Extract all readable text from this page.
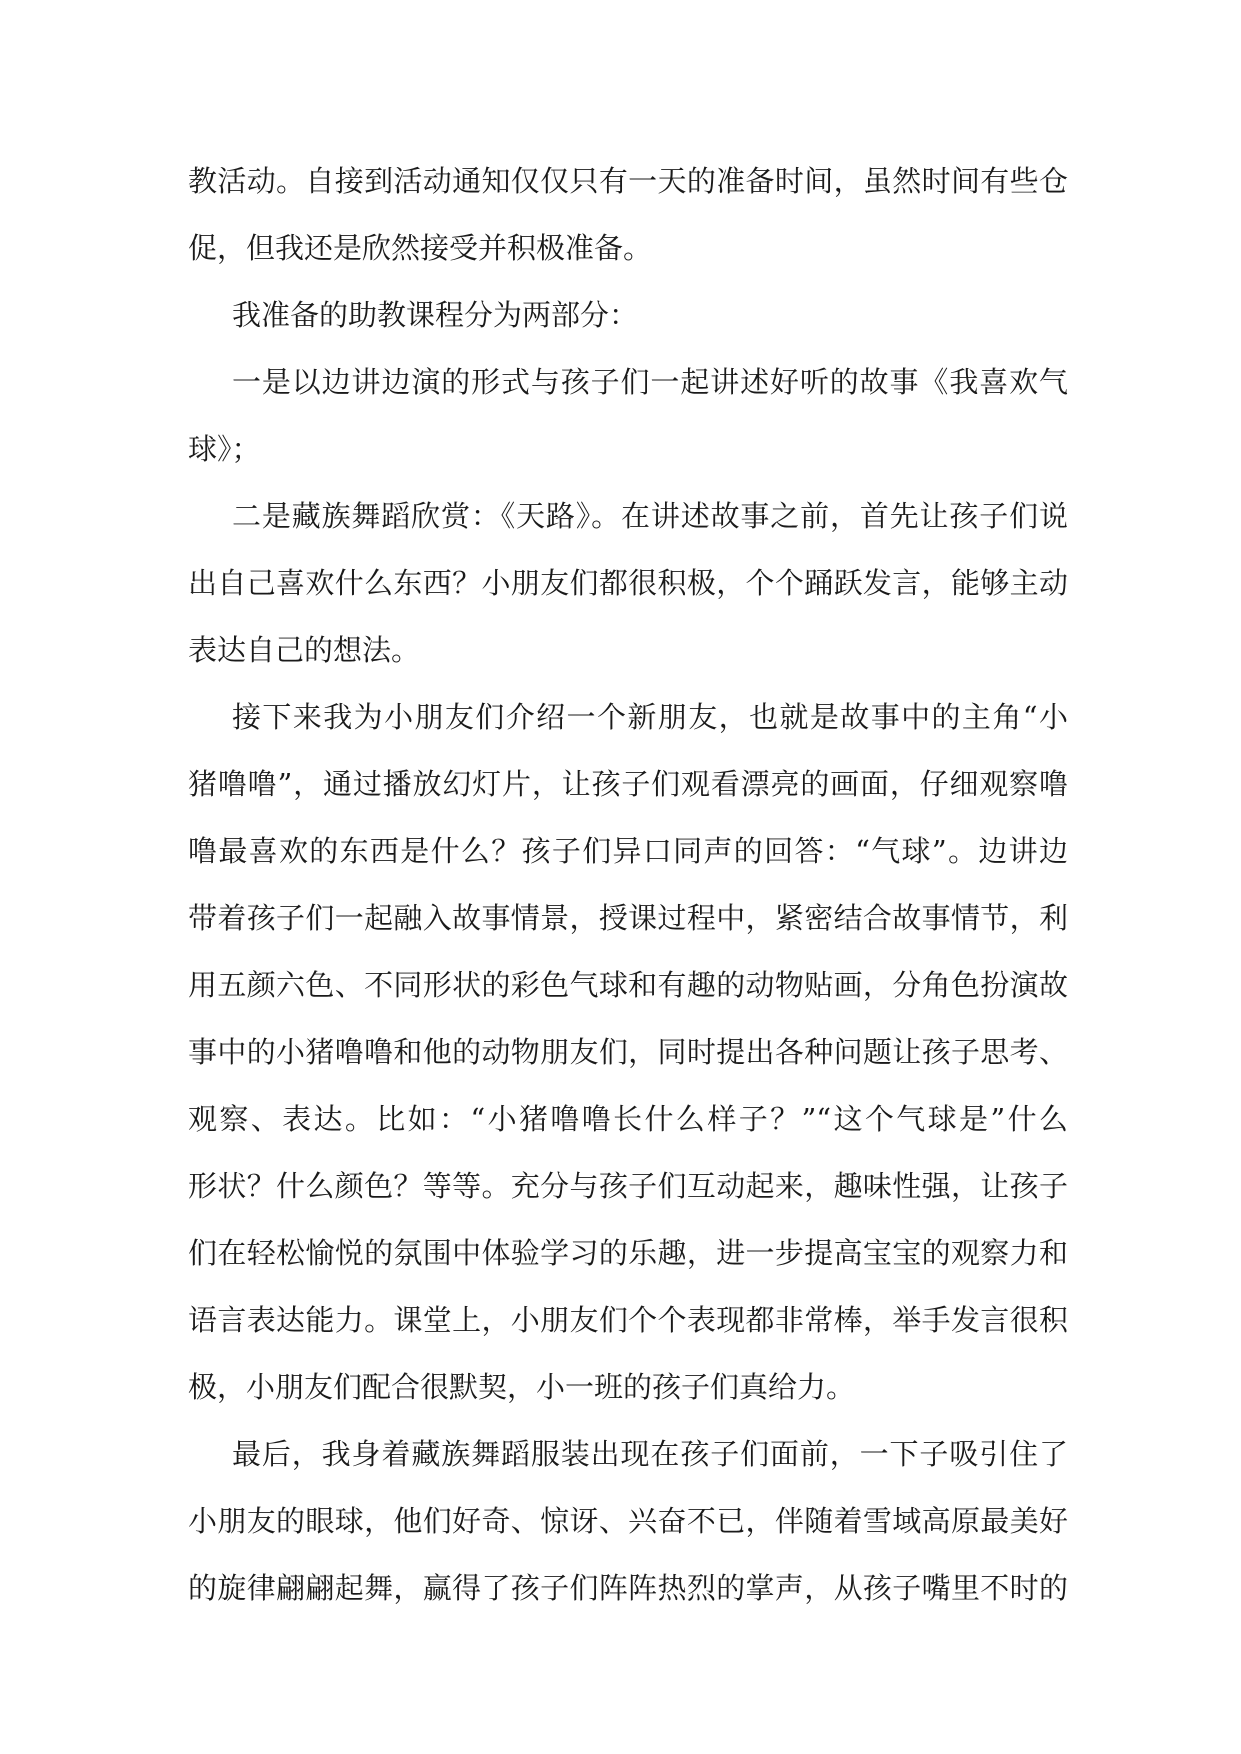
教活动。自接到活动通知仅仅只有一天的准备时间，虽然时间有些仓
促，但我还是欣然接受并积极准备。
我准备的助教课程分为两部分：
一是以边讲边演的形式与孩子们一起讲述好听的故事《我喜欢气
球》；
二是藏族舞蹈欣赏：《天路》。在讲述故事之前，首先让孩子们说
出自己喜欢什么东西？小朋友们都很积极，个个踊跃发言，能够主动
表达自己的想法。
接下来我为小朋友们介绍一个新朋友，也就是故事中的主角“小
猪噜噜”，通过播放幻灯片，让孩子们观看漂亮的画面，仔细观察噜
噜最喜欢的东西是什么？孩子们异口同声的回答：“气球”。边讲边
带着孩子们一起融入故事情景，授课过程中，紧密结合故事情节，利
用五颜六色、不同形状的彩色气球和有趣的动物贴画，分角色扮演故
事中的小猪噜噜和他的动物朋友们，同时提出各种问题让孩子思考、
观察、表达。比如：“小猪噜噜长什么样子？”“这个气球是”什么
形状？什么颜色？等等。充分与孩子们互动起来，趣味性强，让孩子
们在轻松愉悦的氛围中体验学习的乐趣，进一步提高宝宝的观察力和
语言表达能力。课堂上，小朋友们个个表现都非常棒，举手发言很积
极，小朋友们配合很默契，小一班的孩子们真给力。
最后，我身着藏族舞蹈服装出现在孩子们面前，一下子吸引住了
小朋友的眼球，他们好奇、惊讶、兴奋不已，伴随着雪域高原最美好
的旋律翩翩起舞，赢得了孩子们阵阵热烈的掌声，从孩子嘴里不时的
